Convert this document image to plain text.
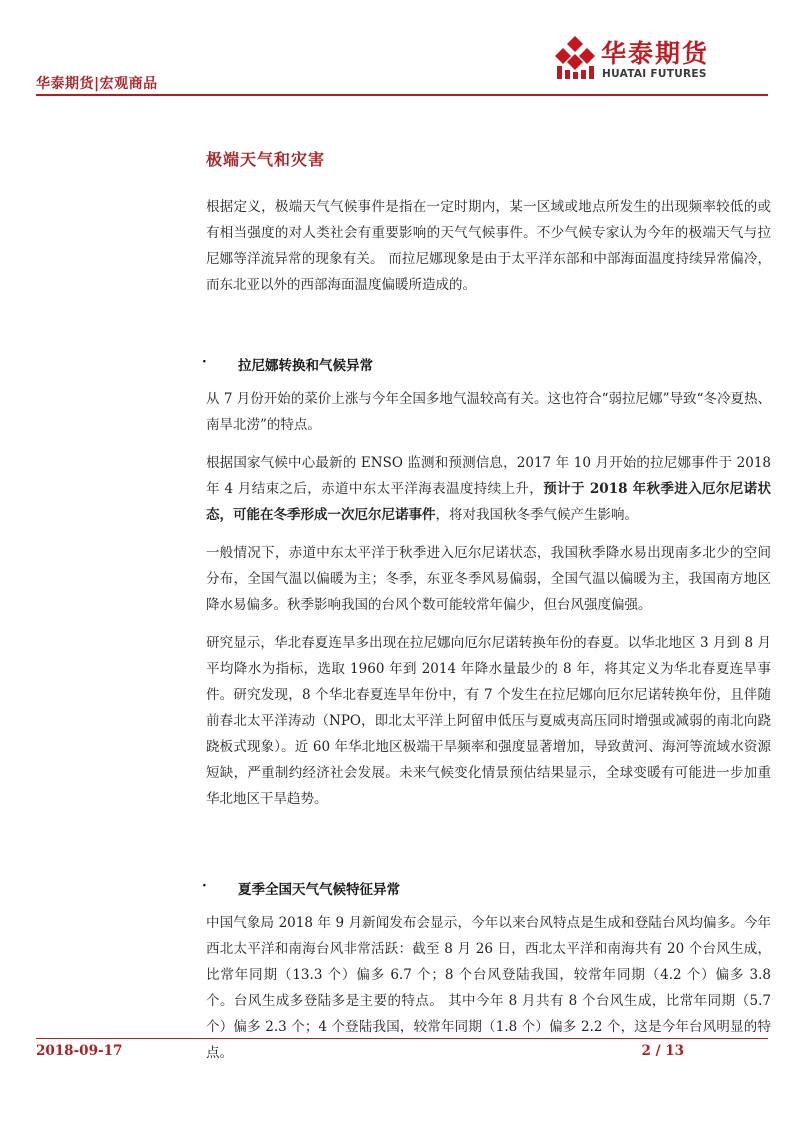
华泰期货|宏观商品
华泰期货
HUATAI FUTURES
极端天气和灾害

根据定义，极端天气气候事件是指在一定时期内，某一区域或地点所发生的出现频率较低的或有相当强度的对人类社会有重要影响的天气气候事件。不少气候专家认为今年的极端天气与拉尼娜等洋流异常的现象有关。 而拉尼娜现象是由于太平洋东部和中部海面温度持续异常偏冷，而东北亚以外的西部海面温度偏暖所造成的。

· 拉尼娜转换和气候异常

从 7 月份开始的菜价上涨与今年全国多地气温较高有关。这也符合“弱拉尼娜”导致“冬冷夏热、南旱北涝”的特点。

根据国家气候中心最新的 ENSO 监测和预测信息，2017 年 10 月开始的拉尼娜事件于 2018 年 4 月结束之后，赤道中东太平洋海表温度持续上升，预计于 2018 年秋季进入厄尔尼诺状态，可能在冬季形成一次厄尔尼诺事件，将对我国秋冬季气候产生影响。

一般情况下，赤道中东太平洋于秋季进入厄尔尼诺状态，我国秋季降水易出现南多北少的空间分布，全国气温以偏暖为主；冬季，东亚冬季风易偏弱，全国气温以偏暖为主，我国南方地区降水易偏多。秋季影响我国的台风个数可能较常年偏少，但台风强度偏强。

研究显示，华北春夏连旱多出现在拉尼娜向厄尔尼诺转换年份的春夏。以华北地区 3 月到 8 月平均降水为指标，选取 1960 年到 2014 年降水量最少的 8 年，将其定义为华北春夏连旱事件。研究发现，8 个华北春夏连旱年份中，有 7 个发生在拉尼娜向厄尔尼诺转换年份，且伴随前春北太平洋涛动（NPO，即北太平洋上阿留申低压与夏威夷高压同时增强或减弱的南北向跷跷板式现象）。近 60 年华北地区极端干旱频率和强度显著增加，导致黄河、海河等流域水资源短缺，严重制约经济社会发展。未来气候变化情景预估结果显示，全球变暖有可能进一步加重华北地区干旱趋势。

· 夏季全国天气气候特征异常

中国气象局 2018 年 9 月新闻发布会显示，今年以来台风特点是生成和登陆台风均偏多。今年西北太平洋和南海台风非常活跃：截至 8 月 26 日，西北太平洋和南海共有 20 个台风生成，比常年同期（13.3 个）偏多 6.7 个；8 个台风登陆我国，较常年同期（4.2 个）偏多 3.8 个。台风生成多登陆多是主要的特点。 其中今年 8 月共有 8 个台风生成，比常年同期（5.7 个）偏多 2.3 个；4 个登陆我国，较常年同期（1.8 个）偏多 2.2 个，这是今年台风明显的特点。

2018-09-17	2 / 13
